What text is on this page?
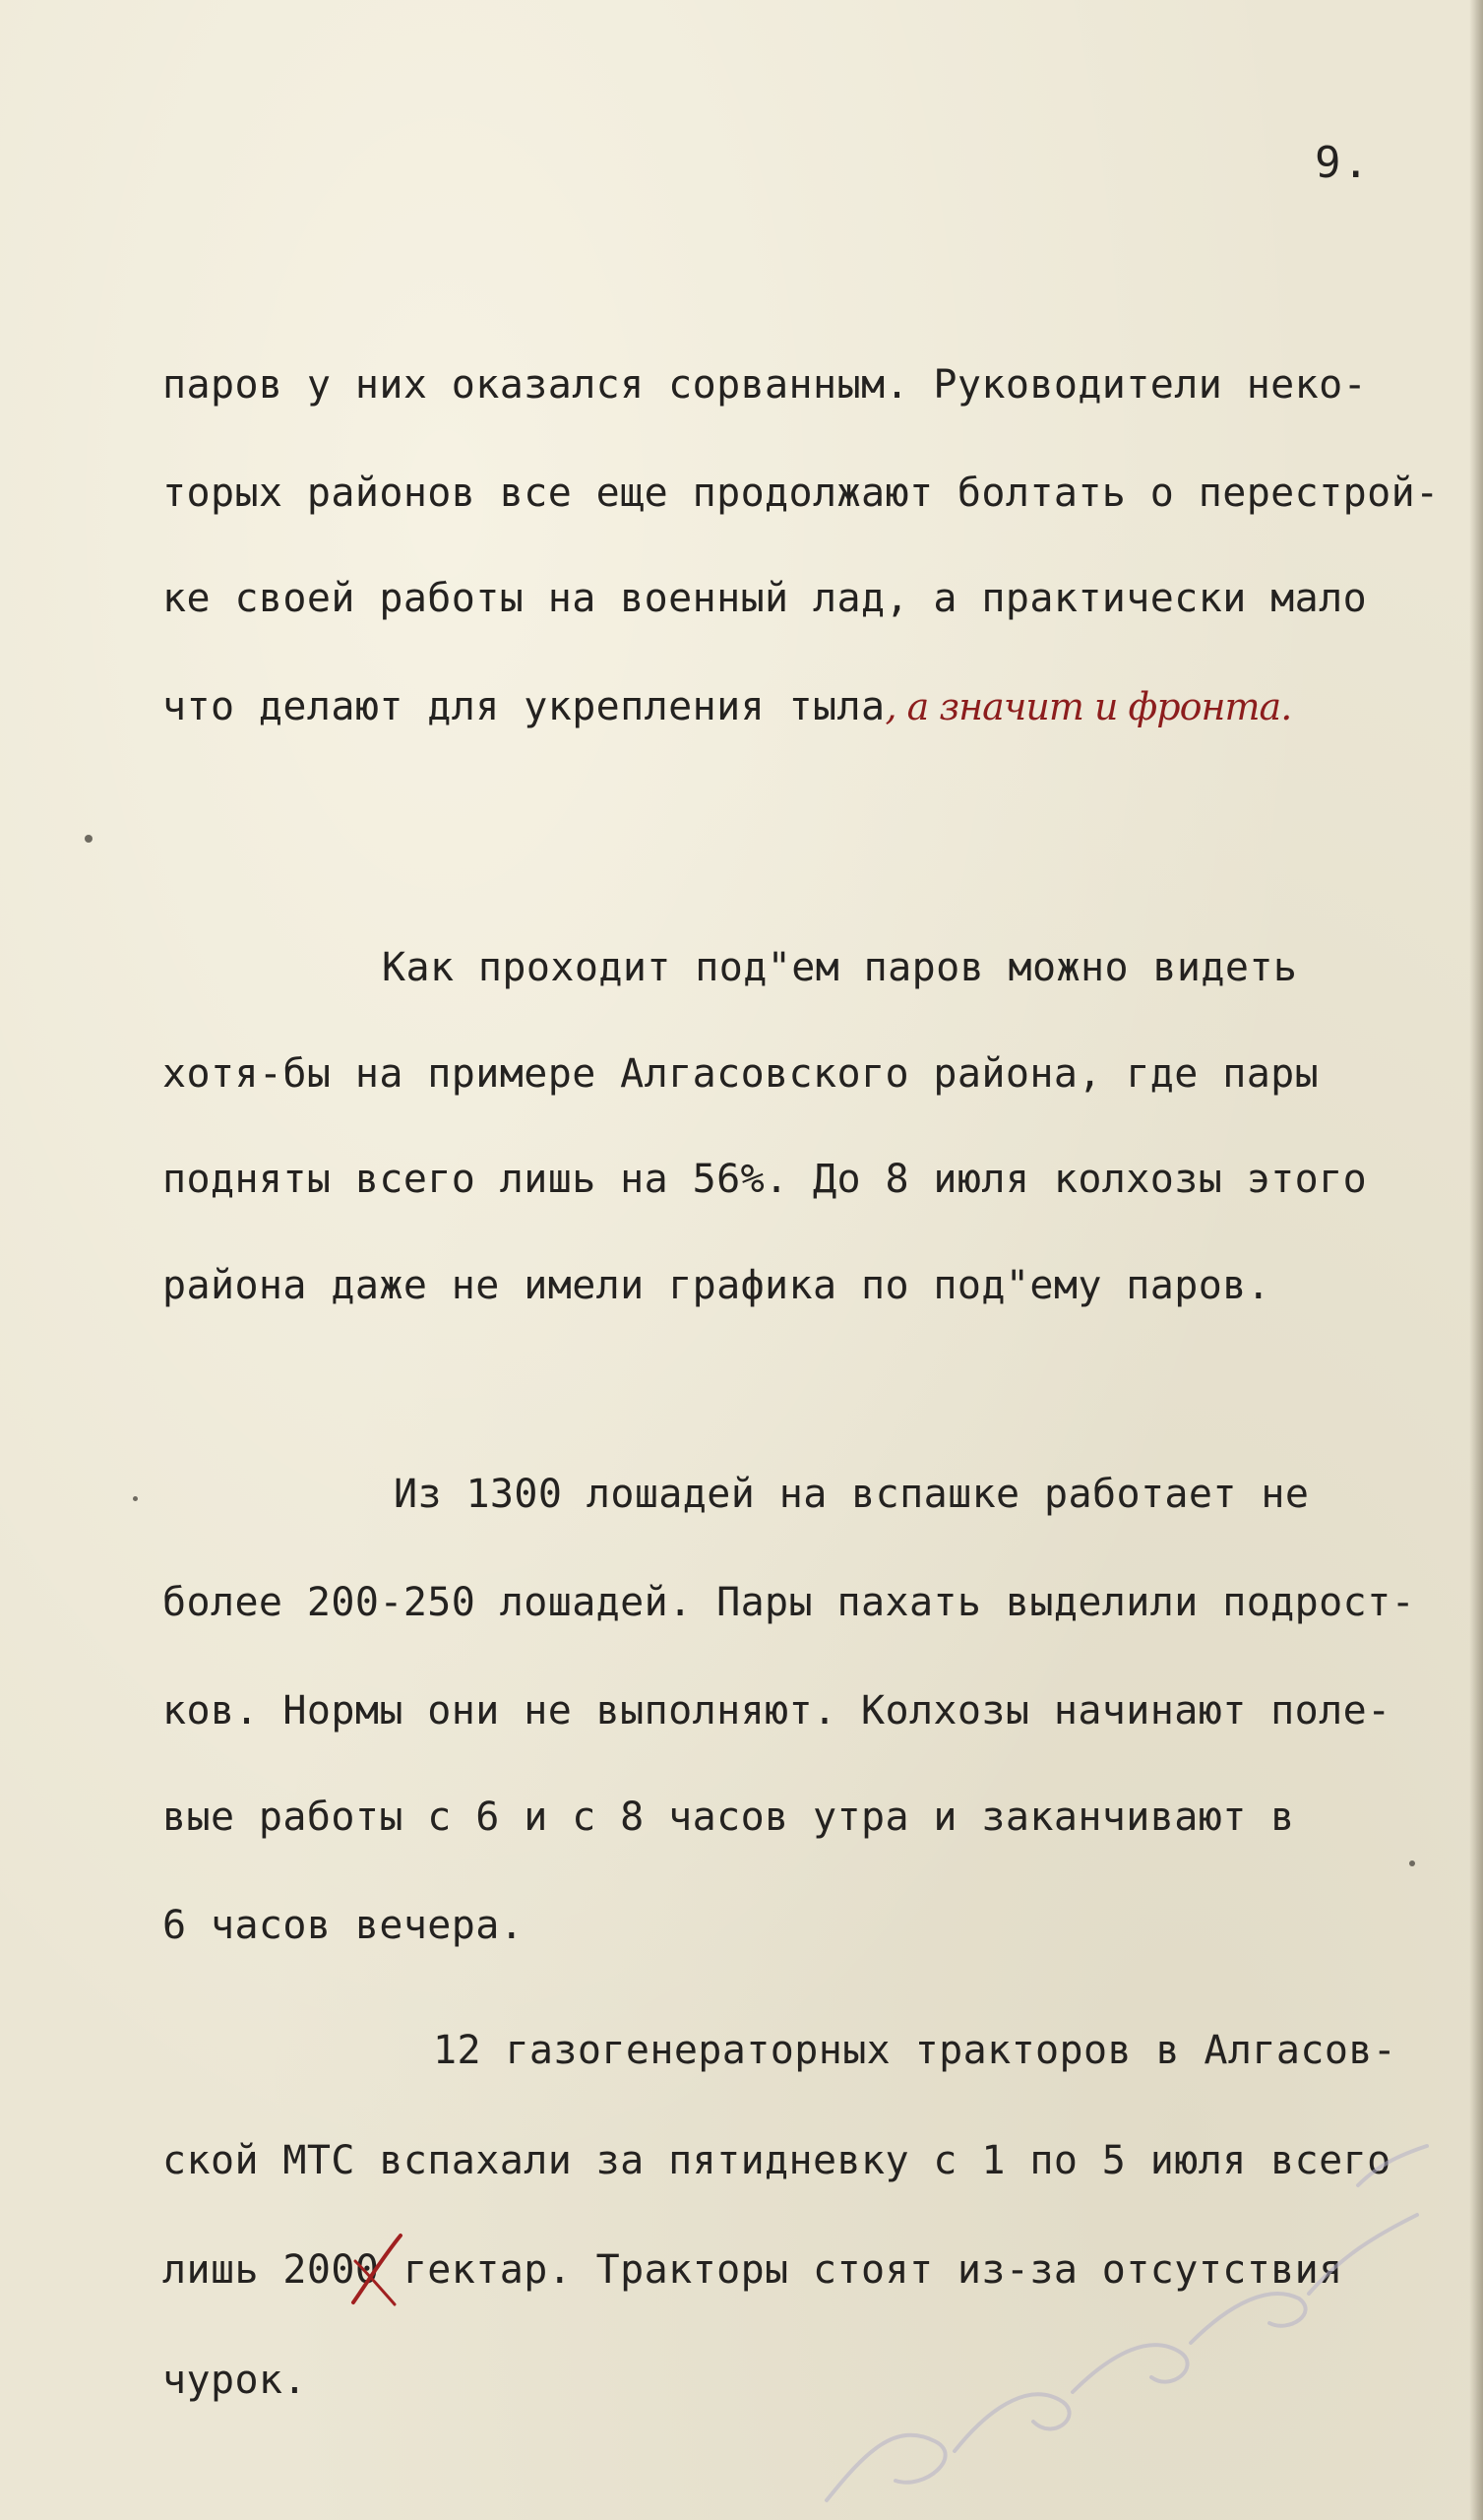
9.
паров у них оказался сорванным. Руководители неко-
торых районов все еще продолжают болтать о перестрой-
ке своей работы на военный лад, а практически мало
что делают для укрепления тыла, а значит и фронта.
Как проходит под"ем паров можно видеть
хотя-бы на примере Алгасовского района, где пары
подняты всего лишь на 56%. До 8 июля колхозы этого
района даже не имели графика по под"ему паров.
Из 1300 лошадей на вспашке работает не
более 200-250 лошадей. Пары пахать выделили подрост-
ков. Нормы они не выполняют. Колхозы начинают поле-
вые работы с 6 и с 8 часов утра и заканчивают в
6 часов вечера.
12 газогенераторных тракторов в Алгасов-
ской МТС вспахали за пятидневку с 1 по 5 июля всего
лишь 2000
гектар. Тракторы стоят из-за отсутствия
чурок.
